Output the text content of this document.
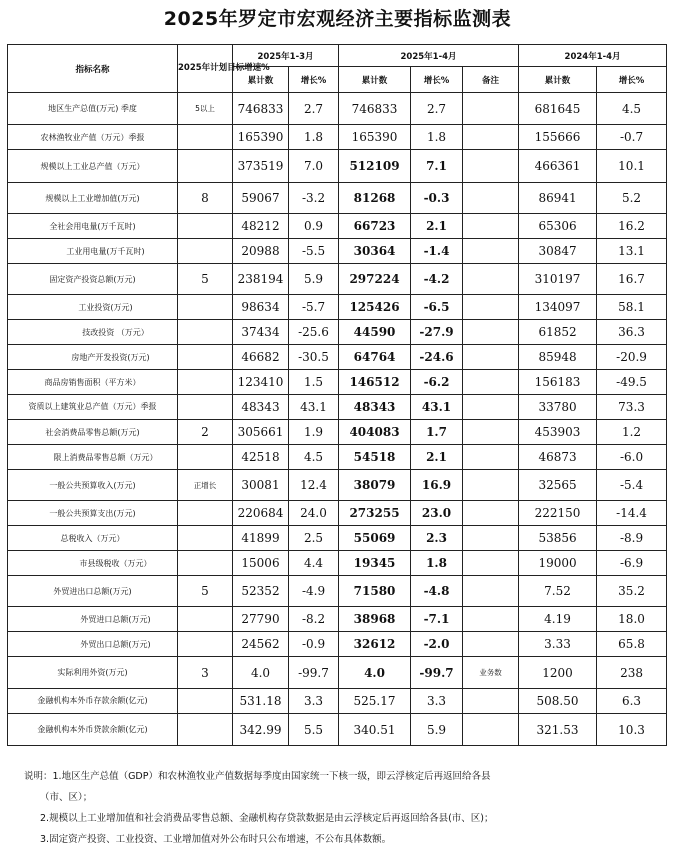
2025年罗定市宏观经济主要指标监测表
指标名称	2025年计划目标增速%	2025年1-3月		2025年1-4月			2024年1-4月	
		累计数	增长%	累计数	增长%	备注	累计数	增长%
地区生产总值(万元) 季度	5以上	746833	2.7	746833	2.7		681645	4.5
农林渔牧业产值（万元）季报		165390	1.8	165390	1.8		155666	-0.7
规模以上工业总产值（万元）		373519	7.0	512109	7.1		466361	10.1
规模以上工业增加值(万元)	8	59067	-3.2	81268	-0.3		86941	5.2
全社会用电量(万千瓦时)		48212	0.9	66723	2.1		65306	16.2
工业用电量(万千瓦时)		20988	-5.5	30364	-1.4		30847	13.1
固定资产投资总额(万元)	5	238194	5.9	297224	-4.2		310197	16.7
工业投资(万元)		98634	-5.7	125426	-6.5		134097	58.1
技改投资 （万元）		37434	-25.6	44590	-27.9		61852	36.3
房地产开发投资(万元)		46682	-30.5	64764	-24.6		85948	-20.9
商品房销售面积（平方米）		123410	1.5	146512	-6.2		156183	-49.5
资质以上建筑业总产值（万元）季报		48343	43.1	48343	43.1		33780	73.3
社会消费品零售总额(万元)	2	305661	1.9	404083	1.7		453903	1.2
限上消费品零售总额（万元）		42518	4.5	54518	2.1		46873	-6.0
一般公共预算收入(万元)	正增长	30081	12.4	38079	16.9		32565	-5.4
一般公共预算支出(万元)		220684	24.0	273255	23.0		222150	-14.4
总税收入（万元）		41899	2.5	55069	2.3		53856	-8.9
市县级税收（万元）		15006	4.4	19345	1.8		19000	-6.9
外贸进出口总额(万元)	5	52352	-4.9	71580	-4.8		7.52	35.2
外贸进口总额(万元)		27790	-8.2	38968	-7.1		4.19	18.0
外贸出口总额(万元)		24562	-0.9	32612	-2.0		3.33	65.8
实际利用外资(万元)	3	4.0	-99.7	4.0	-99.7	业务数	1200	238
金融机构本外币存款余额(亿元)		531.18	3.3	525.17	3.3		508.50	6.3
金融机构本外币贷款余额(亿元)		342.99	5.5	340.51	5.9		321.53	10.3
说明：1.地区生产总值（GDP）和农林渔牧业产值数据每季度由国家统一下核一级，即云浮核定后再返回给各县
（市、区）；
2.规模以上工业增加值和社会消费品零售总额、金融机构存贷款数据是由云浮核定后再返回给各县(市、区)；
3.固定资产投资、工业投资、工业增加值对外公布时只公布增速，不公布具体数额。
